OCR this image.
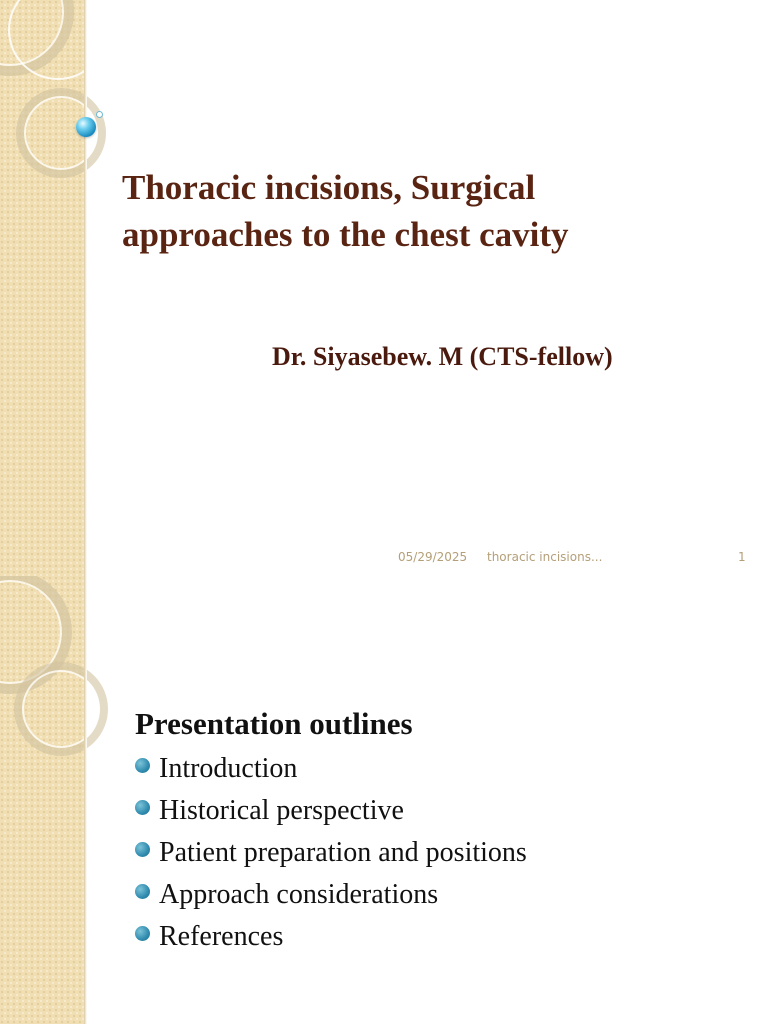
Thoracic incisions, Surgical
approaches to the chest cavity

Dr. Siyasebew. M (CTS-fellow)

05/29/2025 thoracic incisions...	1
Presentation outlines
Introduction
Historical perspective
Patient preparation and positions
Approach considerations
References
